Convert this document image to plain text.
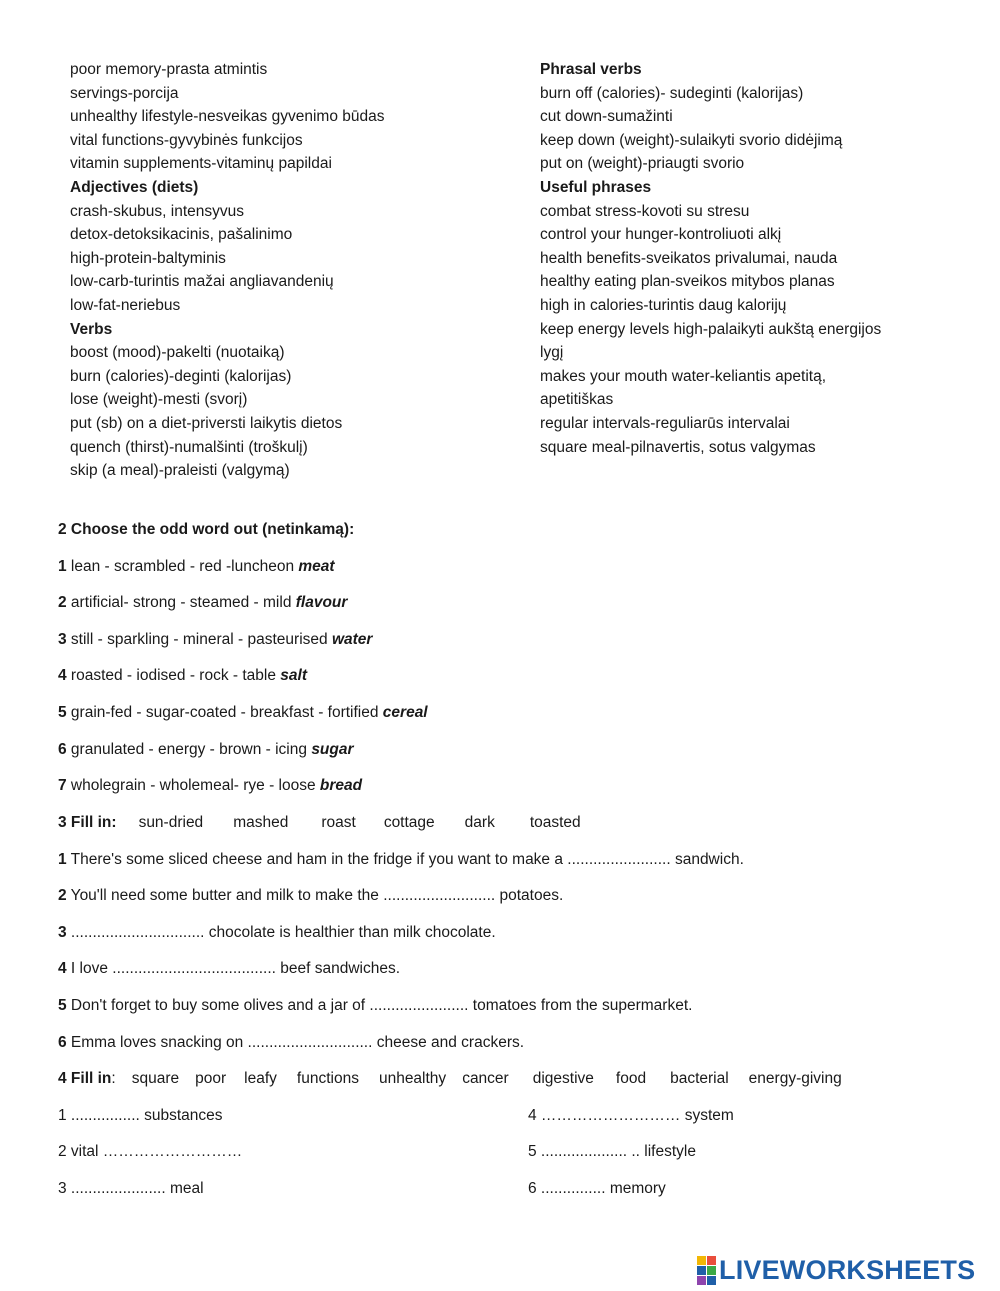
poor memory-prasta atmintis
servings-porcija
unhealthy lifestyle-nesveikas gyvenimo būdas
vital functions-gyvybinės funkcijos
vitamin supplements-vitaminų papildai
Adjectives (diets)
crash-skubus, intensyvus
detox-detoksikacinis, pašalinimo
high-protein-baltyminis
low-carb-turintis mažai angliavandenių
low-fat-neriebus
Verbs
boost (mood)-pakelti (nuotaiką)
burn (calories)-deginti (kalorijas)
lose (weight)-mesti (svorį)
put (sb) on a diet-priversti laikytis dietos
quench (thirst)-numalšinti (troškulį)
skip (a meal)-praleisti (valgymą)
Phrasal verbs
burn off (calories)- sudeginti (kalorijas)
cut down-sumažinti
keep down (weight)-sulaikyti svorio didėjimą
put on (weight)-priaugti svorio
Useful phrases
combat stress-kovoti su stresu
control your hunger-kontroliuoti alkį
health benefits-sveikatos privalumai, nauda
healthy eating plan-sveikos mitybos planas
high in calories-turintis daug kalorijų
keep energy levels high-palaikyti aukštą energijos
lygį
makes your mouth water-keliantis apetitą,
apetitiškas
regular intervals-reguliarūs intervalai
square meal-pilnavertis, sotus valgymas
2 Choose the odd word out (netinkamą):
1 lean - scrambled - red -luncheon meat
2 artificial- strong - steamed - mild flavour
3 still - sparkling - mineral - pasteurised water
4 roasted - iodised - rock - table salt
5 grain-fed - sugar-coated - breakfast - fortified cereal
6 granulated - energy - brown - icing sugar
7 wholegrain - wholemeal- rye - loose bread
3 Fill in: sun-dried mashed roast cottage dark toasted
1 There's some sliced cheese and ham in the fridge if you want to make a ........................ sandwich.
2 You'll need some butter and milk to make the .......................... potatoes.
3 ............................... chocolate is healthier than milk chocolate.
4 I love ...................................... beef sandwiches.
5 Don't forget to buy some olives and a jar of ....................... tomatoes from the supermarket.
6 Emma loves snacking on ............................. cheese and crackers.
4 Fill in: square poor leafy functions unhealthy cancer digestive food bacterial energy-giving
1 ................ substances	4 ……………………… system
2 vital ………………………	5 .................... .. lifestyle
3 ...................... meal	6 ............... memory
LIVEWORKSHEETS
